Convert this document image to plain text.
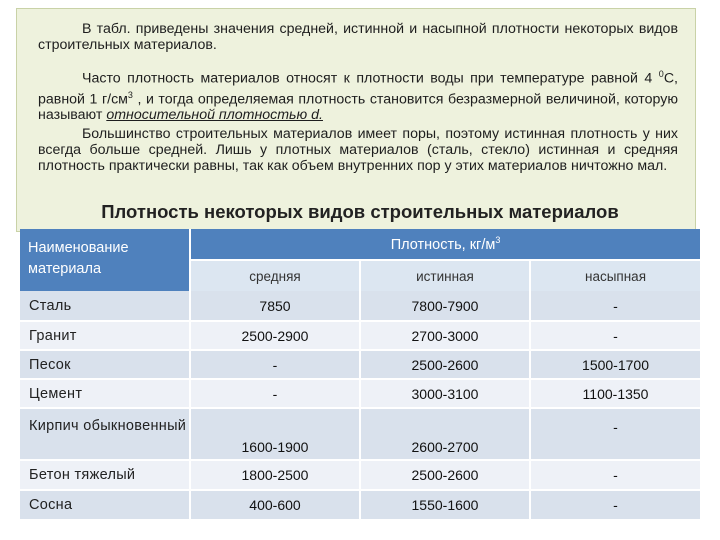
В табл. приведены значения средней, истинной и насыпной плотности некоторых видов строительных материалов.

Часто плотность материалов относят к плотности воды при температуре равной 4 $^0$С, равной 1 $г/см^3$ , и тогда определяемая плотность становится безразмерной величиной, которую называют относительной плотностью d.

Большинство строительных материалов имеет поры, поэтому истинная плотность у них всегда больше средней. Лишь у плотных материалов (сталь, стекло) истинная и средняя плотность практически равны, так как объем внутренних пор у этих материалов ничтожно мал.

Плотность некоторых видов строительных материалов
Наименование материала	Плотность, $кг/м^3$
	средняя	истинная	насыпная
Сталь	7850	7800-7900	-
Гранит	2500-2900	2700-3000	-
Песок	-	2500-2600	1500-1700
Цемент	-	3000-3100	1100-1350
Кирпич обыкновенный	1600-1900	2600-2700	-
Бетон тяжелый	1800-2500	2500-2600	-
Сосна	400-600	1550-1600	-
